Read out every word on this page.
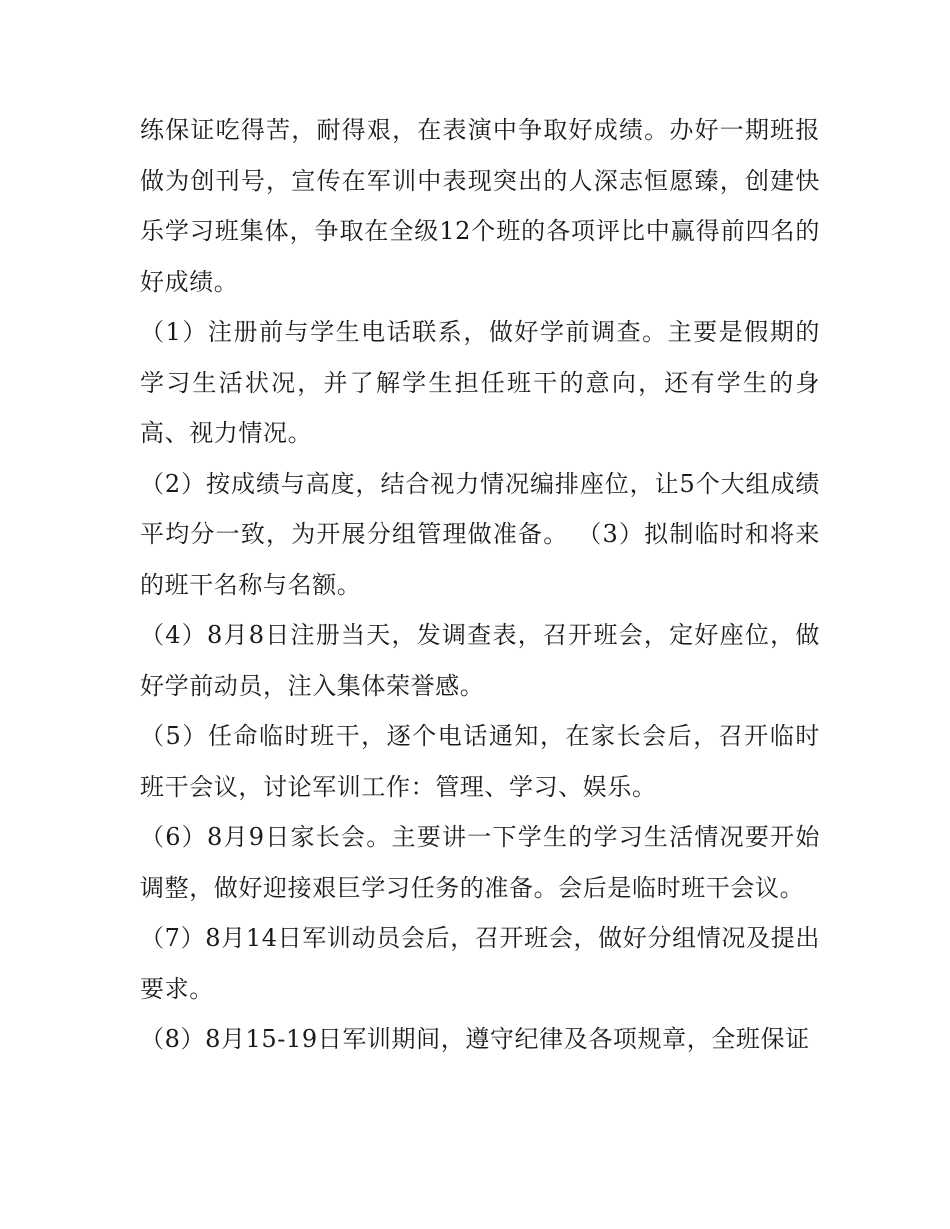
练保证吃得苦，耐得艰，在表演中争取好成绩。办好一期班报做为创刊号，宣传在军训中表现突出的人深志恒愿臻，创建快乐学习班集体，争取在全级12个班的各项评比中赢得前四名的好成绩。

（1）注册前与学生电话联系，做好学前调查。主要是假期的学习生活状况，并了解学生担任班干的意向，还有学生的身高、视力情况。

（2）按成绩与高度，结合视力情况编排座位，让5个大组成绩平均分一致，为开展分组管理做准备。 （3）拟制临时和将来的班干名称与名额。

（4）8月8日注册当天，发调查表，召开班会，定好座位，做好学前动员，注入集体荣誉感。

（5）任命临时班干，逐个电话通知，在家长会后，召开临时班干会议，讨论军训工作：管理、学习、娱乐。

（6）8月9日家长会。主要讲一下学生的学习生活情况要开始调整，做好迎接艰巨学习任务的准备。会后是临时班干会议。

（7）8月14日军训动员会后，召开班会，做好分组情况及提出要求。

（8）8月15-19日军训期间，遵守纪律及各项规章，全班保证
